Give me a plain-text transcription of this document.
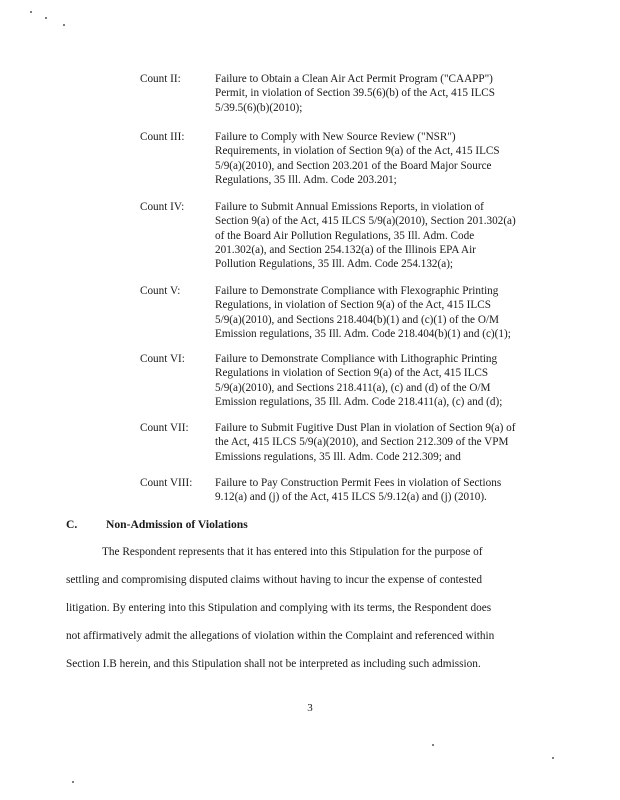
Count II:	Failure to Obtain a Clean Air Act Permit Program ("CAAPP")
Permit, in violation of Section 39.5(6)(b) of the Act, 415 ILCS
5/39.5(6)(b)(2010);
Count III:	Failure to Comply with New Source Review ("NSR")
Requirements, in violation of Section 9(a) of the Act, 415 ILCS
5/9(a)(2010), and Section 203.201 of the Board Major Source
Regulations, 35 Ill. Adm. Code 203.201;
Count IV:	Failure to Submit Annual Emissions Reports, in violation of
Section 9(a) of the Act, 415 ILCS 5/9(a)(2010), Section 201.302(a)
of the Board Air Pollution Regulations, 35 Ill. Adm. Code
201.302(a), and Section 254.132(a) of the Illinois EPA Air
Pollution Regulations, 35 Ill. Adm. Code 254.132(a);
Count V:	Failure to Demonstrate Compliance with Flexographic Printing
Regulations, in violation of Section 9(a) of the Act, 415 ILCS
5/9(a)(2010), and Sections 218.404(b)(1) and (c)(1) of the O/M
Emission regulations, 35 Ill. Adm. Code 218.404(b)(1) and (c)(1);
Count VI:	Failure to Demonstrate Compliance with Lithographic Printing
Regulations in violation of Section 9(a) of the Act, 415 ILCS
5/9(a)(2010), and Sections 218.411(a), (c) and (d) of the O/M
Emission regulations, 35 Ill. Adm. Code 218.411(a), (c) and (d);
Count VII:	Failure to Submit Fugitive Dust Plan in violation of Section 9(a) of
the Act, 415 ILCS 5/9(a)(2010), and Section 212.309 of the VPM
Emissions regulations, 35 Ill. Adm. Code 212.309; and
Count VIII:	Failure to Pay Construction Permit Fees in violation of Sections
9.12(a) and (j) of the Act, 415 ILCS 5/9.12(a) and (j) (2010).
C. Non-Admission of Violations
The Respondent represents that it has entered into this Stipulation for the purpose of
settling and compromising disputed claims without having to incur the expense of contested
litigation. By entering into this Stipulation and complying with its terms, the Respondent does
not affirmatively admit the allegations of violation within the Complaint and referenced within
Section I.B herein, and this Stipulation shall not be interpreted as including such admission.
3
